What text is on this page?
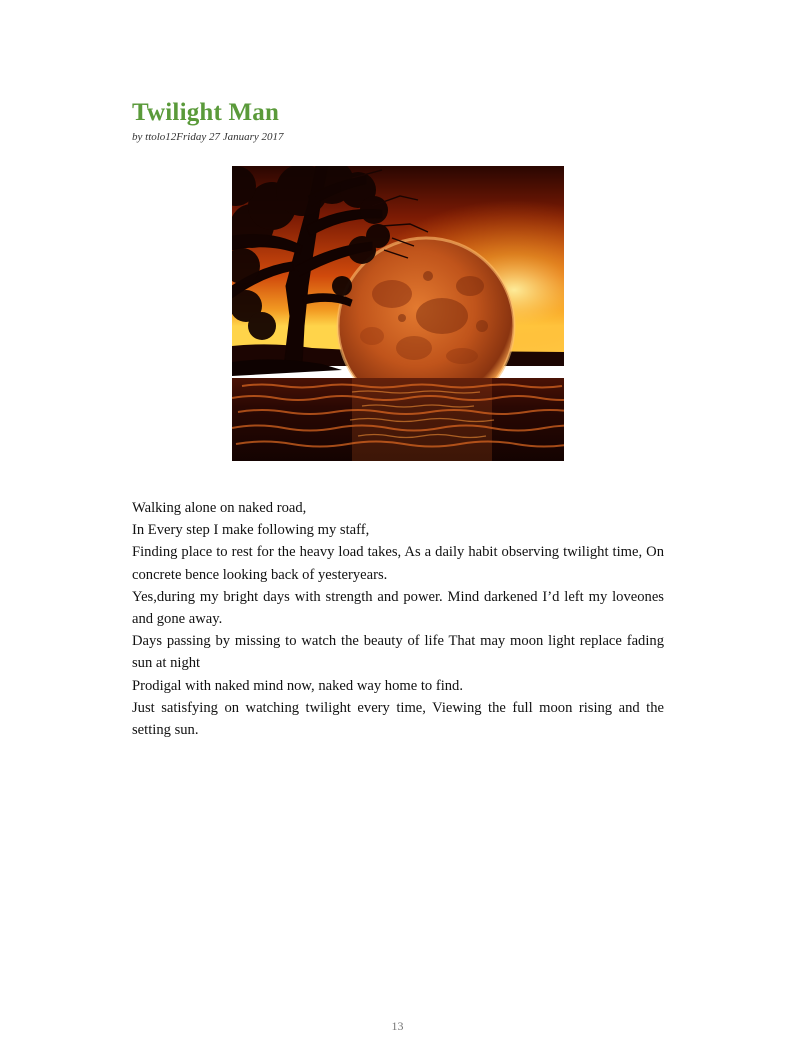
Twilight Man
by ttolo12Friday 27 January 2017

Walking alone on naked road,

In Every step I make following my staff,

Finding place to rest for the heavy load takes, As a daily habit observing twilight time, On concrete bence looking back of yesteryears.

Yes,during my bright days with strength and power. Mind darkened I’d left my loveones and gone away.

Days passing by missing to watch the beauty of life That may moon light replace fading sun at night

Prodigal with naked mind now, naked way home to find.

Just satisfying on watching twilight every time, Viewing the full moon rising and the setting sun.

13
